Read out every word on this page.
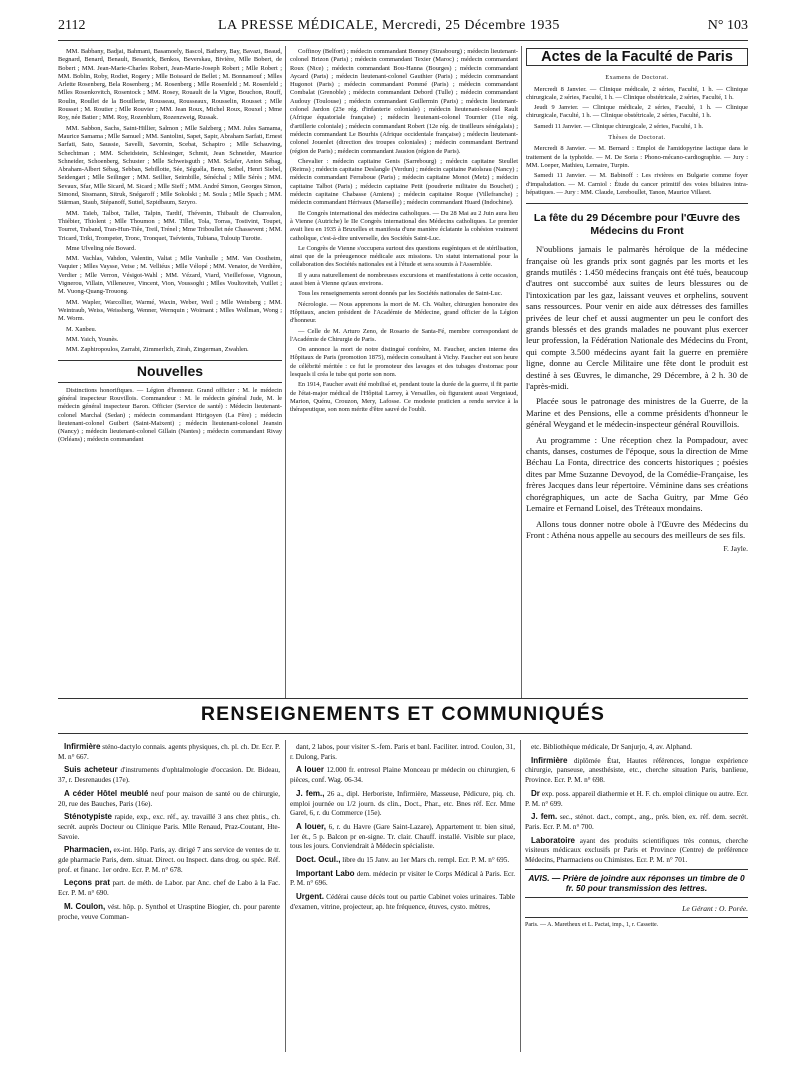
2112	LA PRESSE MÉDICALE, Mercredi, 25 Décembre 1935	N° 103

MM. Babbany, Badjai, Bahmani, Basamoely, Bascol, Bathery, Bay, Bavazi, Beaud, Begnard, Benard, Benault, Bessnick, Benkos, Beverskau, Bivière, Mlle Bobert, de Bobert ; MM. Jean-Marie-Charles Robert, Jean-Marie-Joseph Robert ; Mlle Robert ; MM. Boblin, Roby, Rodiet, Rogery ; Mlle Boissard de Bellet ; M. Bonnamouf ; Mlles Arlette Rosenberg, Bela Rosenberg ; M. Rosenberg ; Mlle Rosenfeld ; M. Rosenfeld ; Mlles Rosenkovitch, Rosentock ; MM. Rosey, Rouault de la Vigne, Bouchon, Rouff, Roulin, Roullet de la Bouillerie, Rousseau, Rousseaux, Rousselin, Rousset ; Mlle Rousset ; M. Routier ; Mlle Rouvier ; MM. Jean Roux, Michel Roux, Rouxel ; Mme Roy, née Batier ; MM. Roy, Rozenblum, Rozenzweig, Russak.

MM. Sabbon, Sachs, Saint-Hillier, Salmon ; Mlle Salzberg ; MM. Jules Samama, Maurice Samama ; Mlle Samuel ; MM. Santolini, Sapet, Sapir, Abraham Sarfati, Ernest Sarfati, Sato, Saussie, Savelli, Savornin, Scebat, Schapiro ; Mlle Schauving, Schechtman ; MM. Scheidstein, Schlesinger, Schmit, Jean Schneider, Maurice Schneider, Schoenberg, Schuster ; Mlle Schweisguth ; MM. Sclafer, Anton Sébag, Abraham-Albert Sébag, Sebban, Sebillotte, Sée, Séguéla, Beno, Seibel, Henri Siebel, Seidengart ; Mlle Seilinger ; MM. Seillier, Seimbille, Sénéchal ; Mlle Sérès ; MM. Sevaux, Sfar, Mlle Sicard, M. Sicard ; Mlle Sieff ; MM. André Simon, Georges Simon, Simond, Sissmann, Sitruk, Snégaroff ; Mlle Sokolski ; M. Soula ; Mlle Spach ; MM. Stärman, Staub, Stépanoff, Suttel, Szpidbaum, Szryro.

MM. Taïeb, Talbot, Tallet, Talpin, Tardif, Thévenin, Thibault de Chanvalon, Thiébier, Thiolent ; Mlle Thoumon ; MM. Tillet, Tola, Torras, Tostivint, Toupet, Tourret, Traband, Tran-Hun-Tiêe, Treil, Trénel ; Mme Triboullet née Chassevent ; MM. Tricard, Triki, Trompeter, Tronc, Tronquet, Tsévtenis, Tubiana, Tulouip Turotte.

Mme Ulveling née Bovard.

MM. Vachlas, Vahdon, Valentin, Valtat ; Mlle Vanhulle ; MM. Van Oostheim, Vaquier ; Mlles Vaysse, Veise ; M. Velliéus ; Mlle Vélopé ; MM. Venator, de Verdière, Verdier ; Mlle Verron, Vésigot-Wahl ; MM. Vézard, Viard, Vieillefosse, Vignoun, Vignerou, Villain, Villeneuve, Vincent, Vion, Voussoghi ; Mlles Voultoviteh, Vuillet ; M. Vuong-Quang-Trouong.

MM. Wapler, Warcollier, Warmé, Waxin, Weber, Weil ; Mlle Weinberg ; MM. Weintraub, Weiss, Weissberg, Wenner, Wernquin ; Woimant ; Mlles Wollman, Wong ; M. Worm.

M. Xanbeu.

MM. Yaich, Younès.

MM. Zaphiropoulos, Zarrabi, Zimmerlich, Zirah, Zingerman, Zwahlen.

Nouvelles

Distinctions honorifiques. — Légion d'honneur. Grand officier : M. le médecin général inspecteur Rouvillois. Commandeur : M. le médecin général Jude, M. le médecin général inspecteur Baron. Officier (Service de santé) : Médecin lieutenant-colonel Marchal (Sedan) ; médecin commandant Hirigoyen (La Fère) ; médecin lieutenant-colonel Guibert (Saint-Maixent) ; médecin lieutenant-colonel Jeansin (Nancy) ; médecin lieutenant-colonel Gillain (Nantes) ; médecin commandant Rivay (Orléans) ; médecin commandant

Coffinoy (Belfort) ; médecin commandant Bonney (Strasbourg) ; médecin lieutenant-colonel Brizon (Paris) ; médecin commandant Texier (Maroc) ; médecin commandant Roux (Nice) ; médecin commandant Bou-Hanna (Bourges) ; médecin commandant Aycard (Paris) ; médecin lieutenant-colonel Gauthier (Paris) ; médecin commandant Hugonot (Paris) ; médecin commandant Pommé (Paris) ; médecin commandant Combalat (Grenoble) ; médecin commandant Debord (Tulle) ; médecin commandant Audouy (Toulouse) ; médecin commandant Guillermin (Paris) ; médecin lieutenant-colonel Jardon (23e rég. d'infanterie coloniale) ; médecin lieutenant-colonel Rault (Afrique équatoriale française) ; médecin lieutenant-colonel Tournier (11e rég. d'artillerie coloniale) ; médecin commandant Robert (12e rég. de tirailleurs sénégalais) ; médecin commandant Le Bourhis (Afrique occidentale française) ; médecin lieutenant-colonel Jouenlet (direction des troupes coloniales) ; médecin commandant Bertrand (région de Paris) ; médecin commandant Jausion (région de Paris).

Chevalier : médecin capitaine Genis (Sarrebourg) ; médecin capitaine Steullet (Reims) ; médecin capitaine Deslangle (Verdun) ; médecin capitaine Patolsrau (Nancy) ; médecin commandant Ferraboue (Paris) ; médecin capitaine Monot (Metz) ; médecin capitaine Talbot (Paris) ; médecin capitaine Petit (poudrerie militaire du Bouchet) ; médecin capitaine Chabasse (Amiens) ; médecin capitaine Roque (Villefranche) ; médecin commandant Hérivaux (Marseille) ; médecin commandant Huard (Indochine).

IIe Congrès international des médecins catholiques. — Du 28 Mai au 2 Juin aura lieu à Vienne (Autriche) le IIe Congrès international des Médecins catholiques. Le premier avait lieu en 1935 à Bruxelles et manifesta d'une manière éclatante la cohésion vraiment catholique, c'est-à-dire universelle, des Sociétés Saint-Luc.

Le Congrès de Vienne s'occupera surtout des questions eugéniques et de stérilisation, ainsi que de la préeugenoce médicale aux missions. Un statut international pour la collaboration des Sociétés nationales est à l'étude et sera soumis à l'Assemblée.

Il y aura naturellement de nombreuses excursions et manifestations à cette occasion, aussi bien à Vienne qu'aux environs.

Tous les renseignements seront donnés par les Sociétés nationales de Saint-Luc.

Nécrologie. — Nous apprenons la mort de M. Ch. Walter, chirurgien honoraire des Hôpitaux, ancien président de l'Académie de Médecine, grand officier de la Légion d'honneur.

— Celle de M. Arturo Zeno, de Rosario de Santa-Fé, membre correspondant de l'Académie de Chirurgie de Paris.

On annonce la mort de notre distingué confrère, M. Faucher, ancien interne des Hôpitaux de Paris (promotion 1875), médecin consultant à Vichy. Faucher eut son heure de célébrité méritée : ce fut le promoteur des lavages et des tubages d'estomac pour lesquels il créa le tube qui porte son nom.

En 1914, Faucher avait été mobilisé et, pendant toute la durée de la guerre, il fit partie de l'état-major médical de l'Hôpital Larrey, à Versailles, où figuraient aussi Vergniaud, Marion, Quénu, Crouzon, Mery, Lafosse. Ce modeste praticien a rendu service à la thérapeutique, son nom mérite d'être sauvé de l'oubli.

Actes de la Faculté de Paris
Examens de Doctorat.

Mercredi 8 Janvier. — Clinique médicale, 2 séries, Faculté, 1 h. — Clinique chirurgicale, 2 séries, Faculté, 1 h. — Clinique obstétricale, 2 séries, Faculté, 1 h.

Jeudi 9 Janvier. — Clinique médicale, 2 séries, Faculté, 1 h. — Clinique chirurgicale, Faculté, 1 h. — Clinique obstétricale, 2 séries, Faculté, 1 h.

Samedi 11 Janvier. — Clinique chirurgicale, 2 séries, Faculté, 1 h.

Thèses de Doctorat.

Mercredi 8 Janvier. — M. Bernard : Emploi de l'amidopyrine lactique dans le traitement de la typhoïde. — M. De Soria : Phono-mécano-cardiographie. — Jury : MM. Loeper, Mathieu, Lemaire, Turpin.

Samedi 11 Janvier. — M. Babinoff : Les rivières en Bulgarie comme foyer d'impaludation. — M. Carniol : Étude du cancer primitif des voies biliaires intra-hépatiques. — Jury : MM. Claude, Lereboullet, Tanon, Maurice Villaret.

La fête du 29 Décembre pour l'Œuvre des Médecins du Front

N'oublions jamais le palmarès héroïque de la médecine française où les grands prix sont gagnés par les morts et les grands mutilés : 1.450 médecins français ont été tués, beaucoup d'autres ont succombé aux suites de leurs blessures ou de l'intoxication par les gaz, laissant veuves et orphelins, souvent sans ressources. Pour venir en aide aux détresses des familles privées de leur chef et aussi augmenter un peu le confort des grands blessés et des grands malades ne pouvant plus exercer leur profession, la Fédération Nationale des Médecins du Front, qui compte 3.500 médecins ayant fait la guerre en première ligne, donne au Cercle Militaire une fête dont le produit est destiné à ses Œuvres, le dimanche, 29 Décembre, à 2 h. 30 de l'après-midi.

Placée sous le patronage des ministres de la Guerre, de la Marine et des Pensions, elle a comme présidents d'honneur le général Weygand et le médecin-inspecteur général Rouvillois.

Au programme : Une réception chez la Pompadour, avec chants, danses, costumes de l'époque, sous la direction de Mme Béchau La Fonta, directrice des concerts historiques ; poésies dites par Mme Suzanne Devoyod, de la Comédie-Française, les frères Jacques dans leur répertoire. Véminine dans ses créations chorégraphiques, un acte de Sacha Guitry, par Mme Géo Lemaire et Fernand Loisel, des Tréteaux mondains.

Allons tous donner notre obole à l'Œuvre des Médecins du Front : Athéna nous appelle au secours des meilleurs de ses fils.

F. Jayle.
RENSEIGNEMENTS ET COMMUNIQUÉS

Infirmière sténo-dactylo connais. agents physiques, ch. pl. ch. Dr. Ecr. P. M. n° 667.

Suis acheteur d'instruments d'ophtalmologie d'occasion. Dr. Bideau, 37, r. Desrenaudes (17e).

A céder Hôtel meublé neuf pour maison de santé ou de chirurgie, 20, rue des Bauches, Paris (16e).

Sténotypiste rapide, exp., exc. réf., ay. travaillé 3 ans chez phtis., ch. secrét. auprès Docteur ou Clinique Paris. Mlle Renaud, Praz-Coutant, Hte-Savoie.

Pharmacien, ex-int. Hôp. Paris, ay. dirigé 7 ans service de ventes de tr. gde pharmacie Paris, dem. situat. Direct. ou Inspect. dans drog. ou spéc. Réf. prof. et financ. 1er ordre. Ecr. P. M. n° 678.

Leçons prat part. de méth. de Labor. par Anc. chef de Labo à la Fac. Ecr. P. M. n° 690.

M. Coulon, vést. hôp. p. Synthol et Urasptine Biogier, ch. pour parente proche, veuve Comman-

dant, 2 labos, pour visiter S.-fem. Paris et banl. Faciliter. introd. Coulon, 31, r. Dulong, Paris.

A louer 12.000 fr. entresol Plaine Monceau pr médecin ou chirurgien, 6 pièces, conf. Wag. 06-34.

J. fem., 26 a., dipl. Herboriste, Infirmière, Masseuse, Pédicure, piq. ch. emploi journée ou 1/2 journ. ds clin., Doct., Phar., etc. Bnes réf. Ecr. Mme Garel, 6, r. du Commerce (15e).

A louer, 6, r. du Havre (Gare Saint-Lazare), Appartement tr. bien situé, 1er ét., 5 p. Balcon pr en-signe. Tr. clair. Chauff. installé. Visible sur place, tous les jours. Conviendrait à Médecin spécialiste.

Doct. Ocul., libre du 15 Janv. au 1er Mars ch. rempl. Ecr. P. M. n° 695.

Important Labo dem. médecin pr visiter le Corps Médical à Paris. Ecr. P. M. n° 696.

Urgent. Cédérai cause décès tout ou partie Cabinet voies urinaires. Table d'examen, vitrine, projecteur, ap. hte fréquence, étuves, cysto. mètres,

etc. Bibliothèque médicale, Dr Sanjurjo, 4, av. Alphand.

Infirmière diplômée État, Hautes références, longue expérience chirurgie, panseuse, anesthésiste, etc., cherche situation Paris, banlieue, Province. Ecr. P. M. n° 698.

Dr exp. poss. appareil diathermie et H. F. ch. emploi clinique ou autre. Ecr. P. M. n° 699.

J. fem. sec., sténot. dact., compt., ang., prés. bien, ex. réf. dem. secrét. Paris. Ecr. P. M. n° 700.

Laboratoire ayant des produits scientifiques très connus, cherche visiteurs médicaux exclusifs pr Paris et Province (Centre) de préférence Médecins, Pharmaciens ou Chimistes. Ecr. P. M. n° 701.

AVIS. — Prière de joindre aux réponses un timbre de 0 fr. 50 pour transmission des lettres.
Le Gérant : O. Porée.
Paris. — A. Maretheux et L. Pactat, imp., 1, r. Cassette.
